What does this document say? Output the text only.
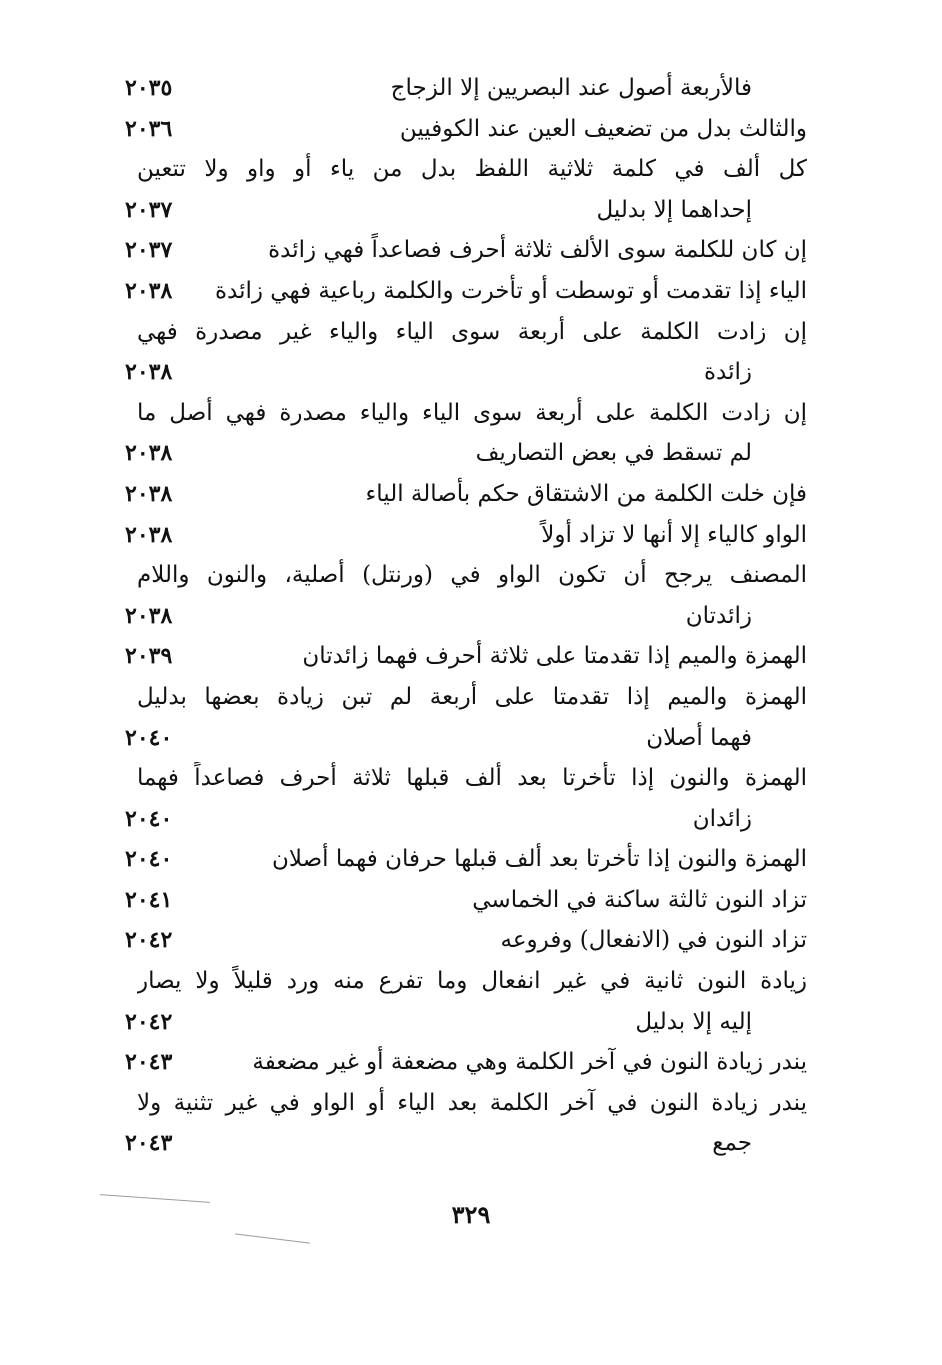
فالأربعة أصول عند البصريين إلا الزجاج
٢٠٣٥
والثالث بدل من تضعيف العين عند الكوفيين
٢٠٣٦
كل ألف في كلمة ثلاثية اللفظ بدل من ياء أو واو ولا تتعين
إحداهما إلا بدليل
٢٠٣٧
إن كان للكلمة سوى الألف ثلاثة أحرف فصاعداً فهي زائدة
٢٠٣٧
الياء إذا تقدمت أو توسطت أو تأخرت والكلمة رباعية فهي زائدة
٢٠٣٨
إن زادت الكلمة على أربعة سوى الياء والياء غير مصدرة فهي
زائدة
٢٠٣٨
إن زادت الكلمة على أربعة سوى الياء والياء مصدرة فهي أصل ما
لم تسقط في بعض التصاريف
٢٠٣٨
فإن خلت الكلمة من الاشتقاق حكم بأصالة الياء
٢٠٣٨
الواو كالياء إلا أنها لا تزاد أولاً
٢٠٣٨
المصنف يرجح أن تكون الواو في (ورنتل) أصلية، والنون واللام
زائدتان
٢٠٣٨
الهمزة والميم إذا تقدمتا على ثلاثة أحرف فهما زائدتان
٢٠٣٩
الهمزة والميم إذا تقدمتا على أربعة لم تبن زيادة بعضها بدليل
فهما أصلان
٢٠٤٠
الهمزة والنون إذا تأخرتا بعد ألف قبلها ثلاثة أحرف فصاعداً فهما
زائدان
٢٠٤٠
الهمزة والنون إذا تأخرتا بعد ألف قبلها حرفان فهما أصلان
٢٠٤٠
تزاد النون ثالثة ساكنة في الخماسي
٢٠٤١
تزاد النون في (الانفعال) وفروعه
٢٠٤٢
زيادة النون ثانية في غير انفعال وما تفرع منه ورد قليلاً ولا يصار
إليه إلا بدليل
٢٠٤٢
يندر زيادة النون في آخر الكلمة وهي مضعفة أو غير مضعفة
٢٠٤٣
يندر زيادة النون في آخر الكلمة بعد الياء أو الواو في غير تثنية ولا
جمع
٢٠٤٣
٣٢٩
